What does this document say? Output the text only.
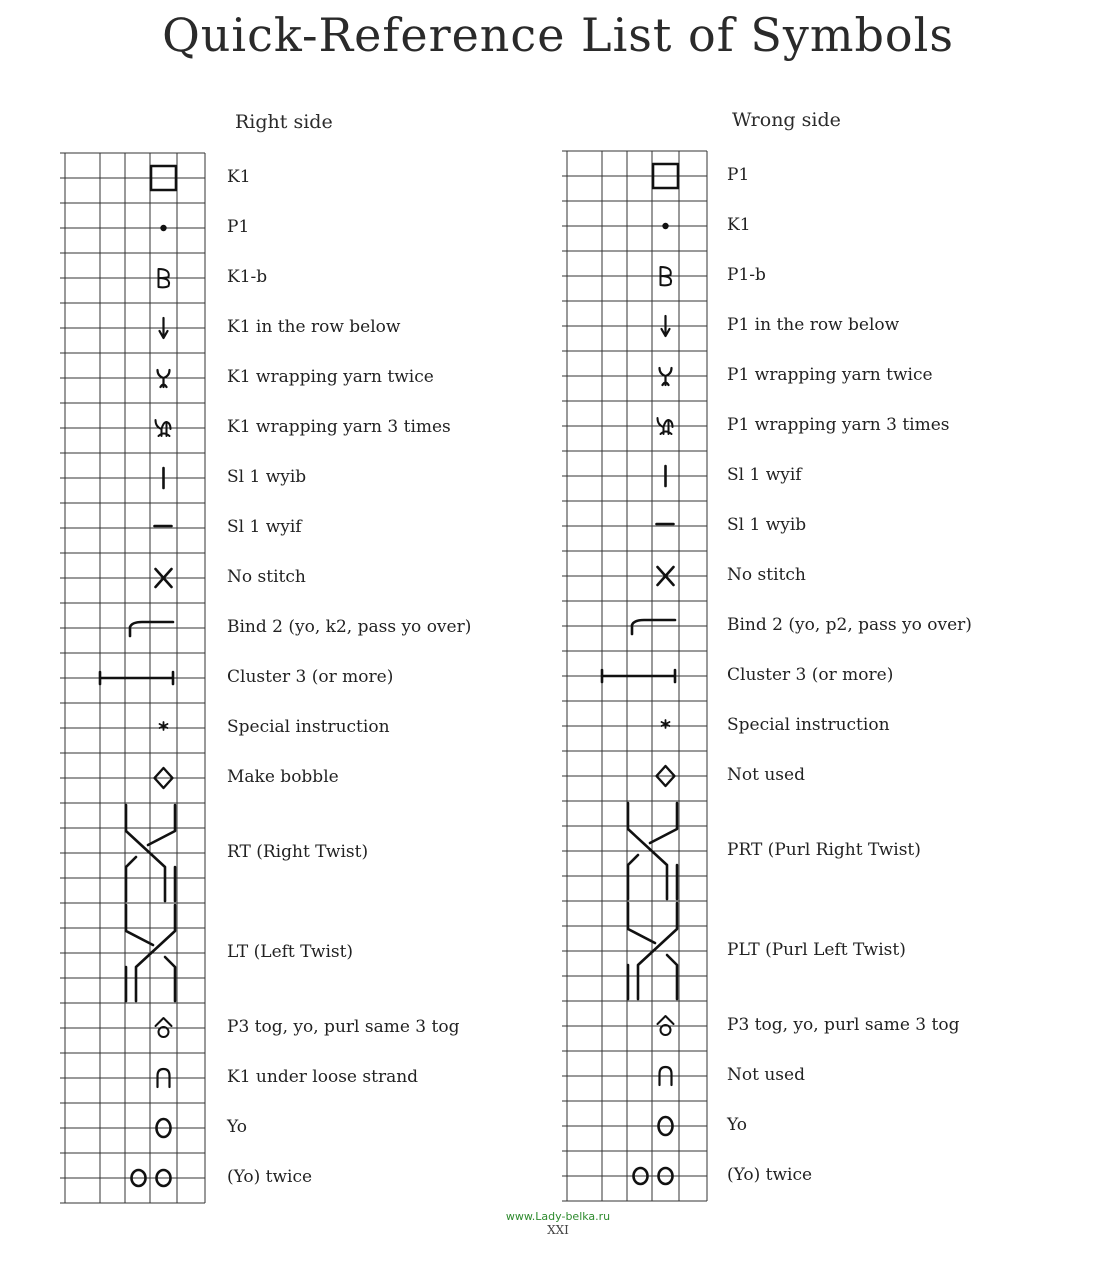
Quick-Reference List of Symbols
Right side	Wrong side
K1
P1
K1-b
K1 in the row below
K1 wrapping yarn twice
K1 wrapping yarn 3 times
Sl 1 wyib
Sl 1 wyif
No stitch
Bind 2 (yo, k2, pass yo over)
Cluster 3 (or more)
Special instruction
Make bobble
RT (Right Twist)
LT (Left Twist)
P3 tog, yo, purl same 3 tog
K1 under loose strand
Yo
(Yo) twice
P1
K1
P1-b
P1 in the row below
P1 wrapping yarn twice
P1 wrapping yarn 3 times
Sl 1 wyif
Sl 1 wyib
No stitch
Bind 2 (yo, p2, pass yo over)
Cluster 3 (or more)
Special instruction
Not used
PRT (Purl Right Twist)
PLT (Purl Left Twist)
P3 tog, yo, purl same 3 tog
Not used
Yo
(Yo) twice
www.Lady-belka.ru
XXI
